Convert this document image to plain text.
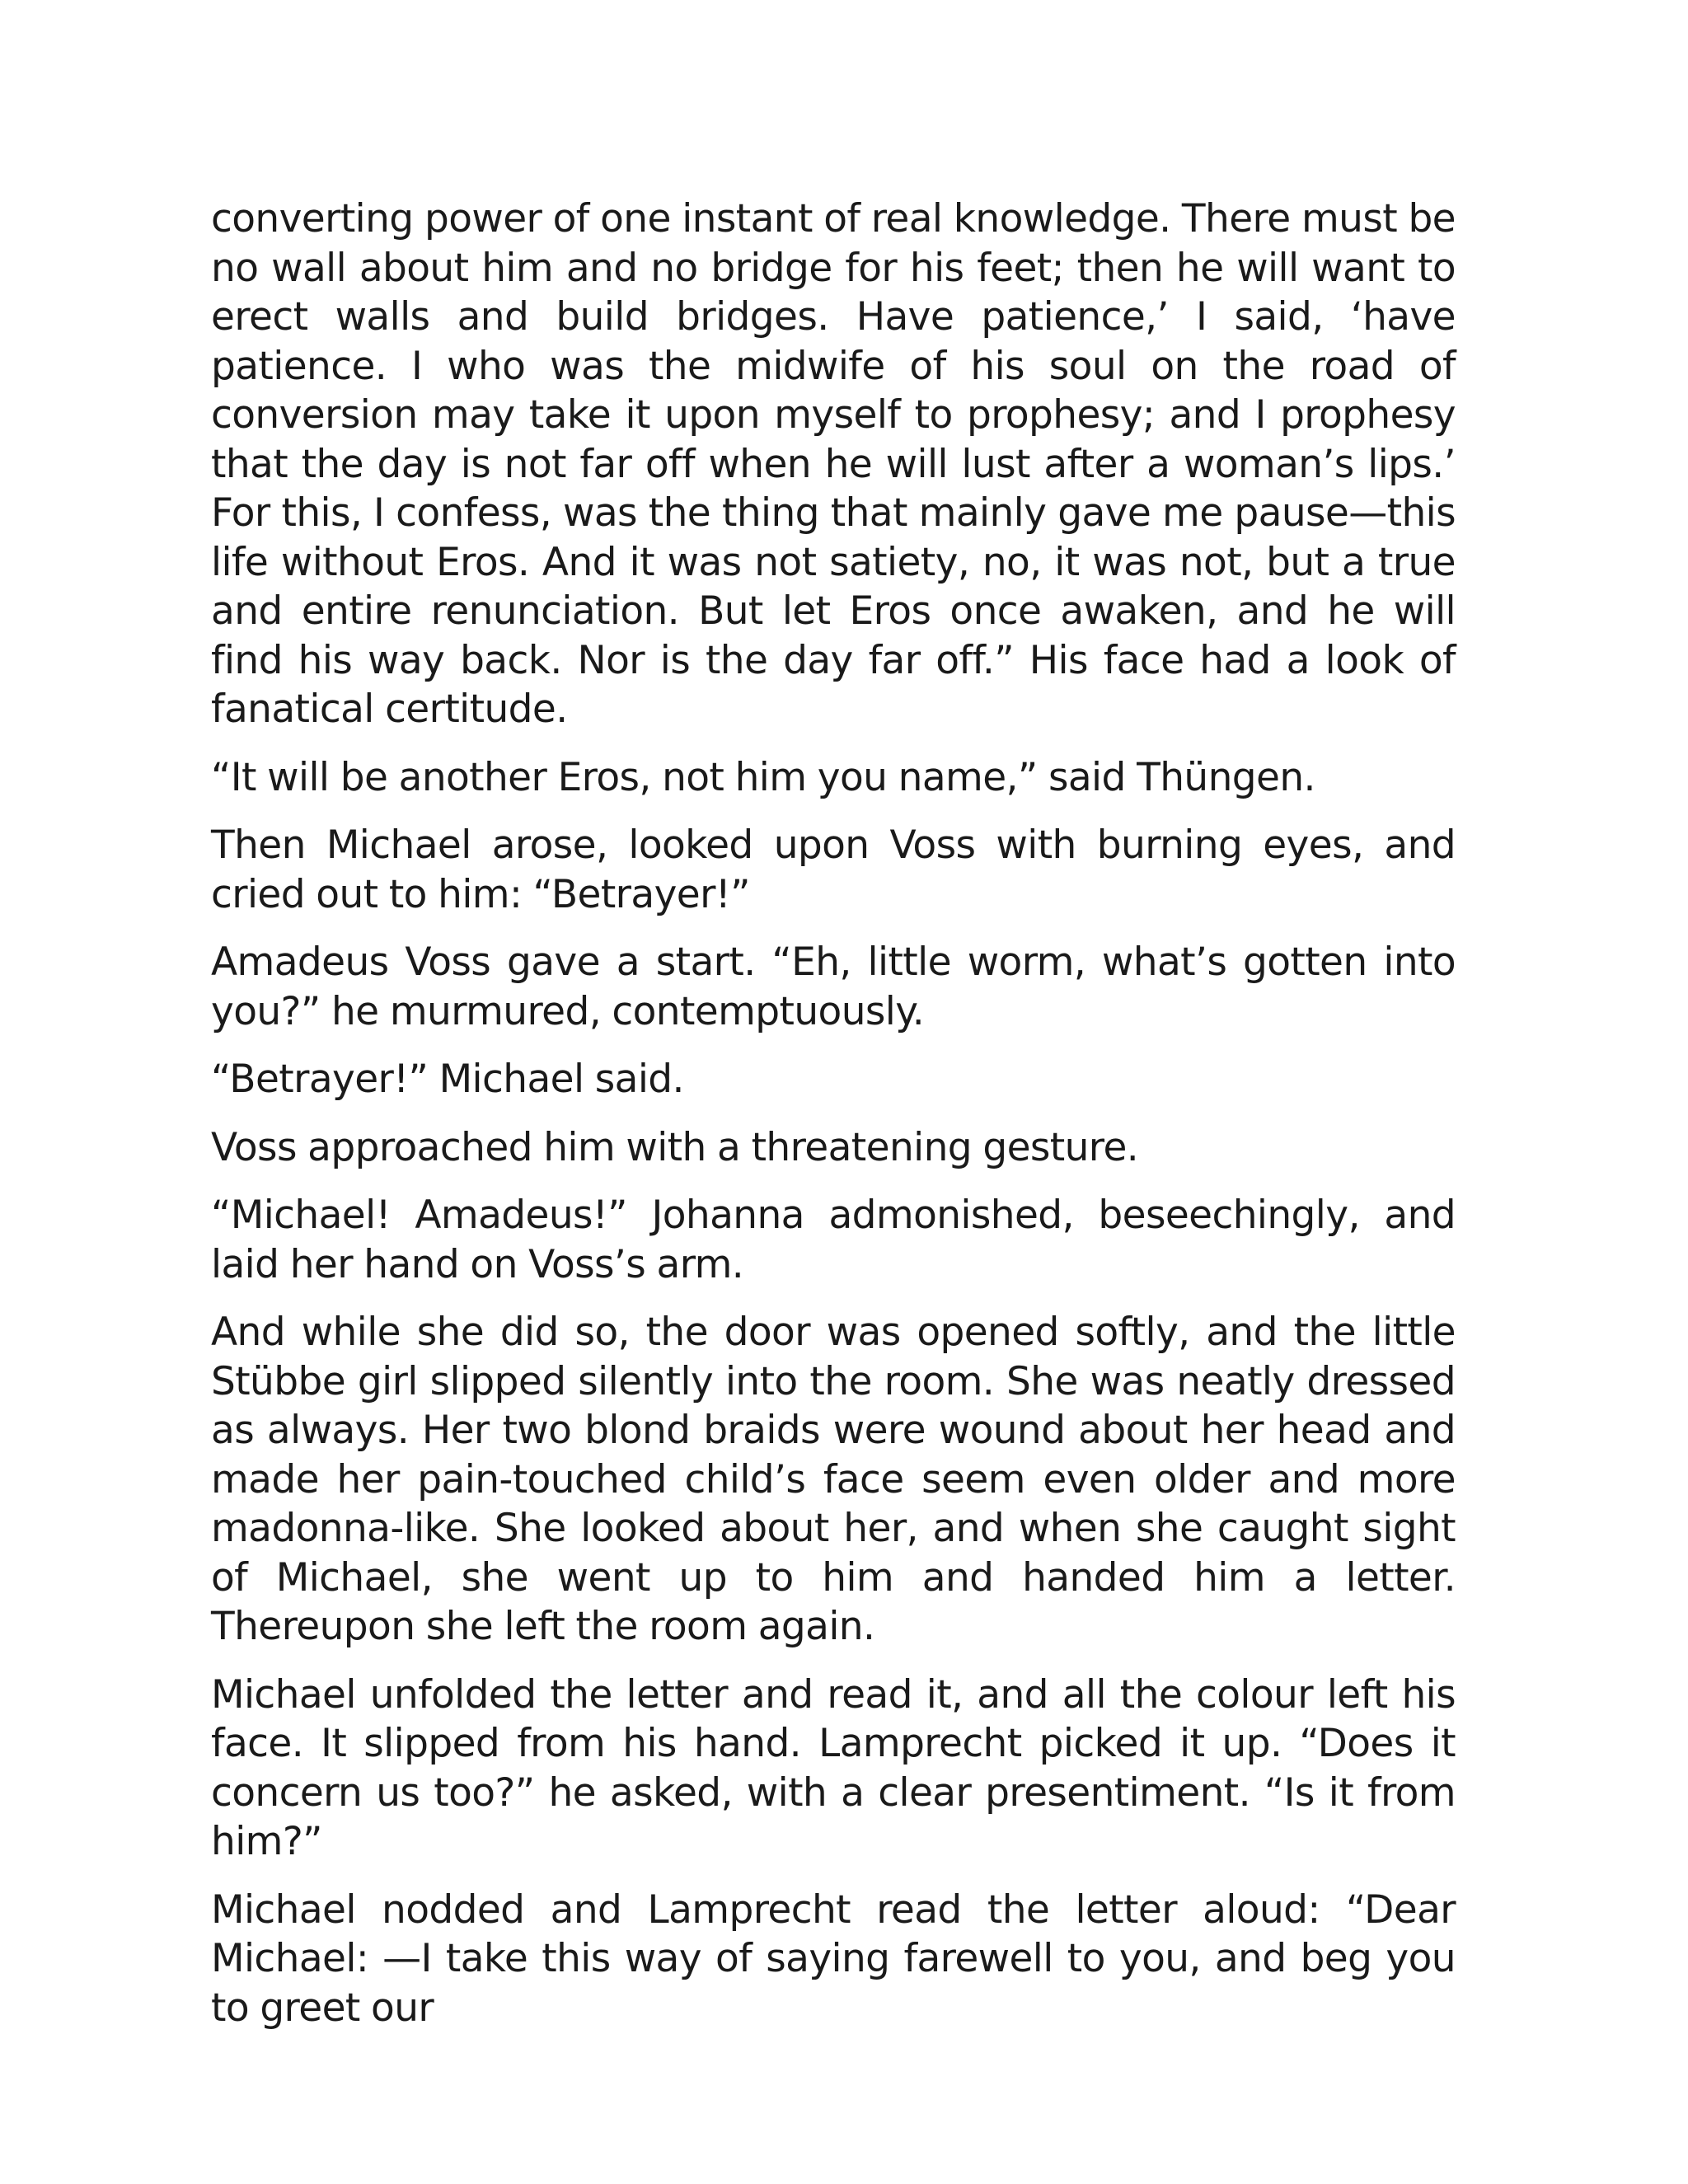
converting power of one instant of real knowledge. There must be no wall about him and no bridge for his feet; then he will want to erect walls and build bridges. Have patience,’ I said, ‘have patience. I who was the midwife of his soul on the road of conversion may take it upon myself to prophesy; and I prophesy that the day is not far off when he will lust after a woman’s lips.’ For this, I confess, was the thing that mainly gave me pause—this life without Eros. And it was not satiety, no, it was not, but a true and entire renunciation. But let Eros once awaken, and he will find his way back. Nor is the day far off.” His face had a look of fanatical certitude.

“It will be another Eros, not him you name,” said Thüngen.

Then Michael arose, looked upon Voss with burning eyes, and cried out to him: “Betrayer!”

Amadeus Voss gave a start. “Eh, little worm, what’s gotten into you?” he murmured, contemptuously.

“Betrayer!” Michael said.

Voss approached him with a threatening gesture.

“Michael! Amadeus!” Johanna admonished, beseechingly, and laid her hand on Voss’s arm.

And while she did so, the door was opened softly, and the little Stübbe girl slipped silently into the room. She was neatly dressed as always. Her two blond braids were wound about her head and made her pain-touched child’s face seem even older and more madonna-like. She looked about her, and when she caught sight of Michael, she went up to him and handed him a letter. Thereupon she left the room again.

Michael unfolded the letter and read it, and all the colour left his face. It slipped from his hand. Lamprecht picked it up. “Does it concern us too?” he asked, with a clear presentiment. “Is it from him?”

Michael nodded and Lamprecht read the letter aloud: “Dear Michael: —I take this way of saying farewell to you, and beg you to greet our
